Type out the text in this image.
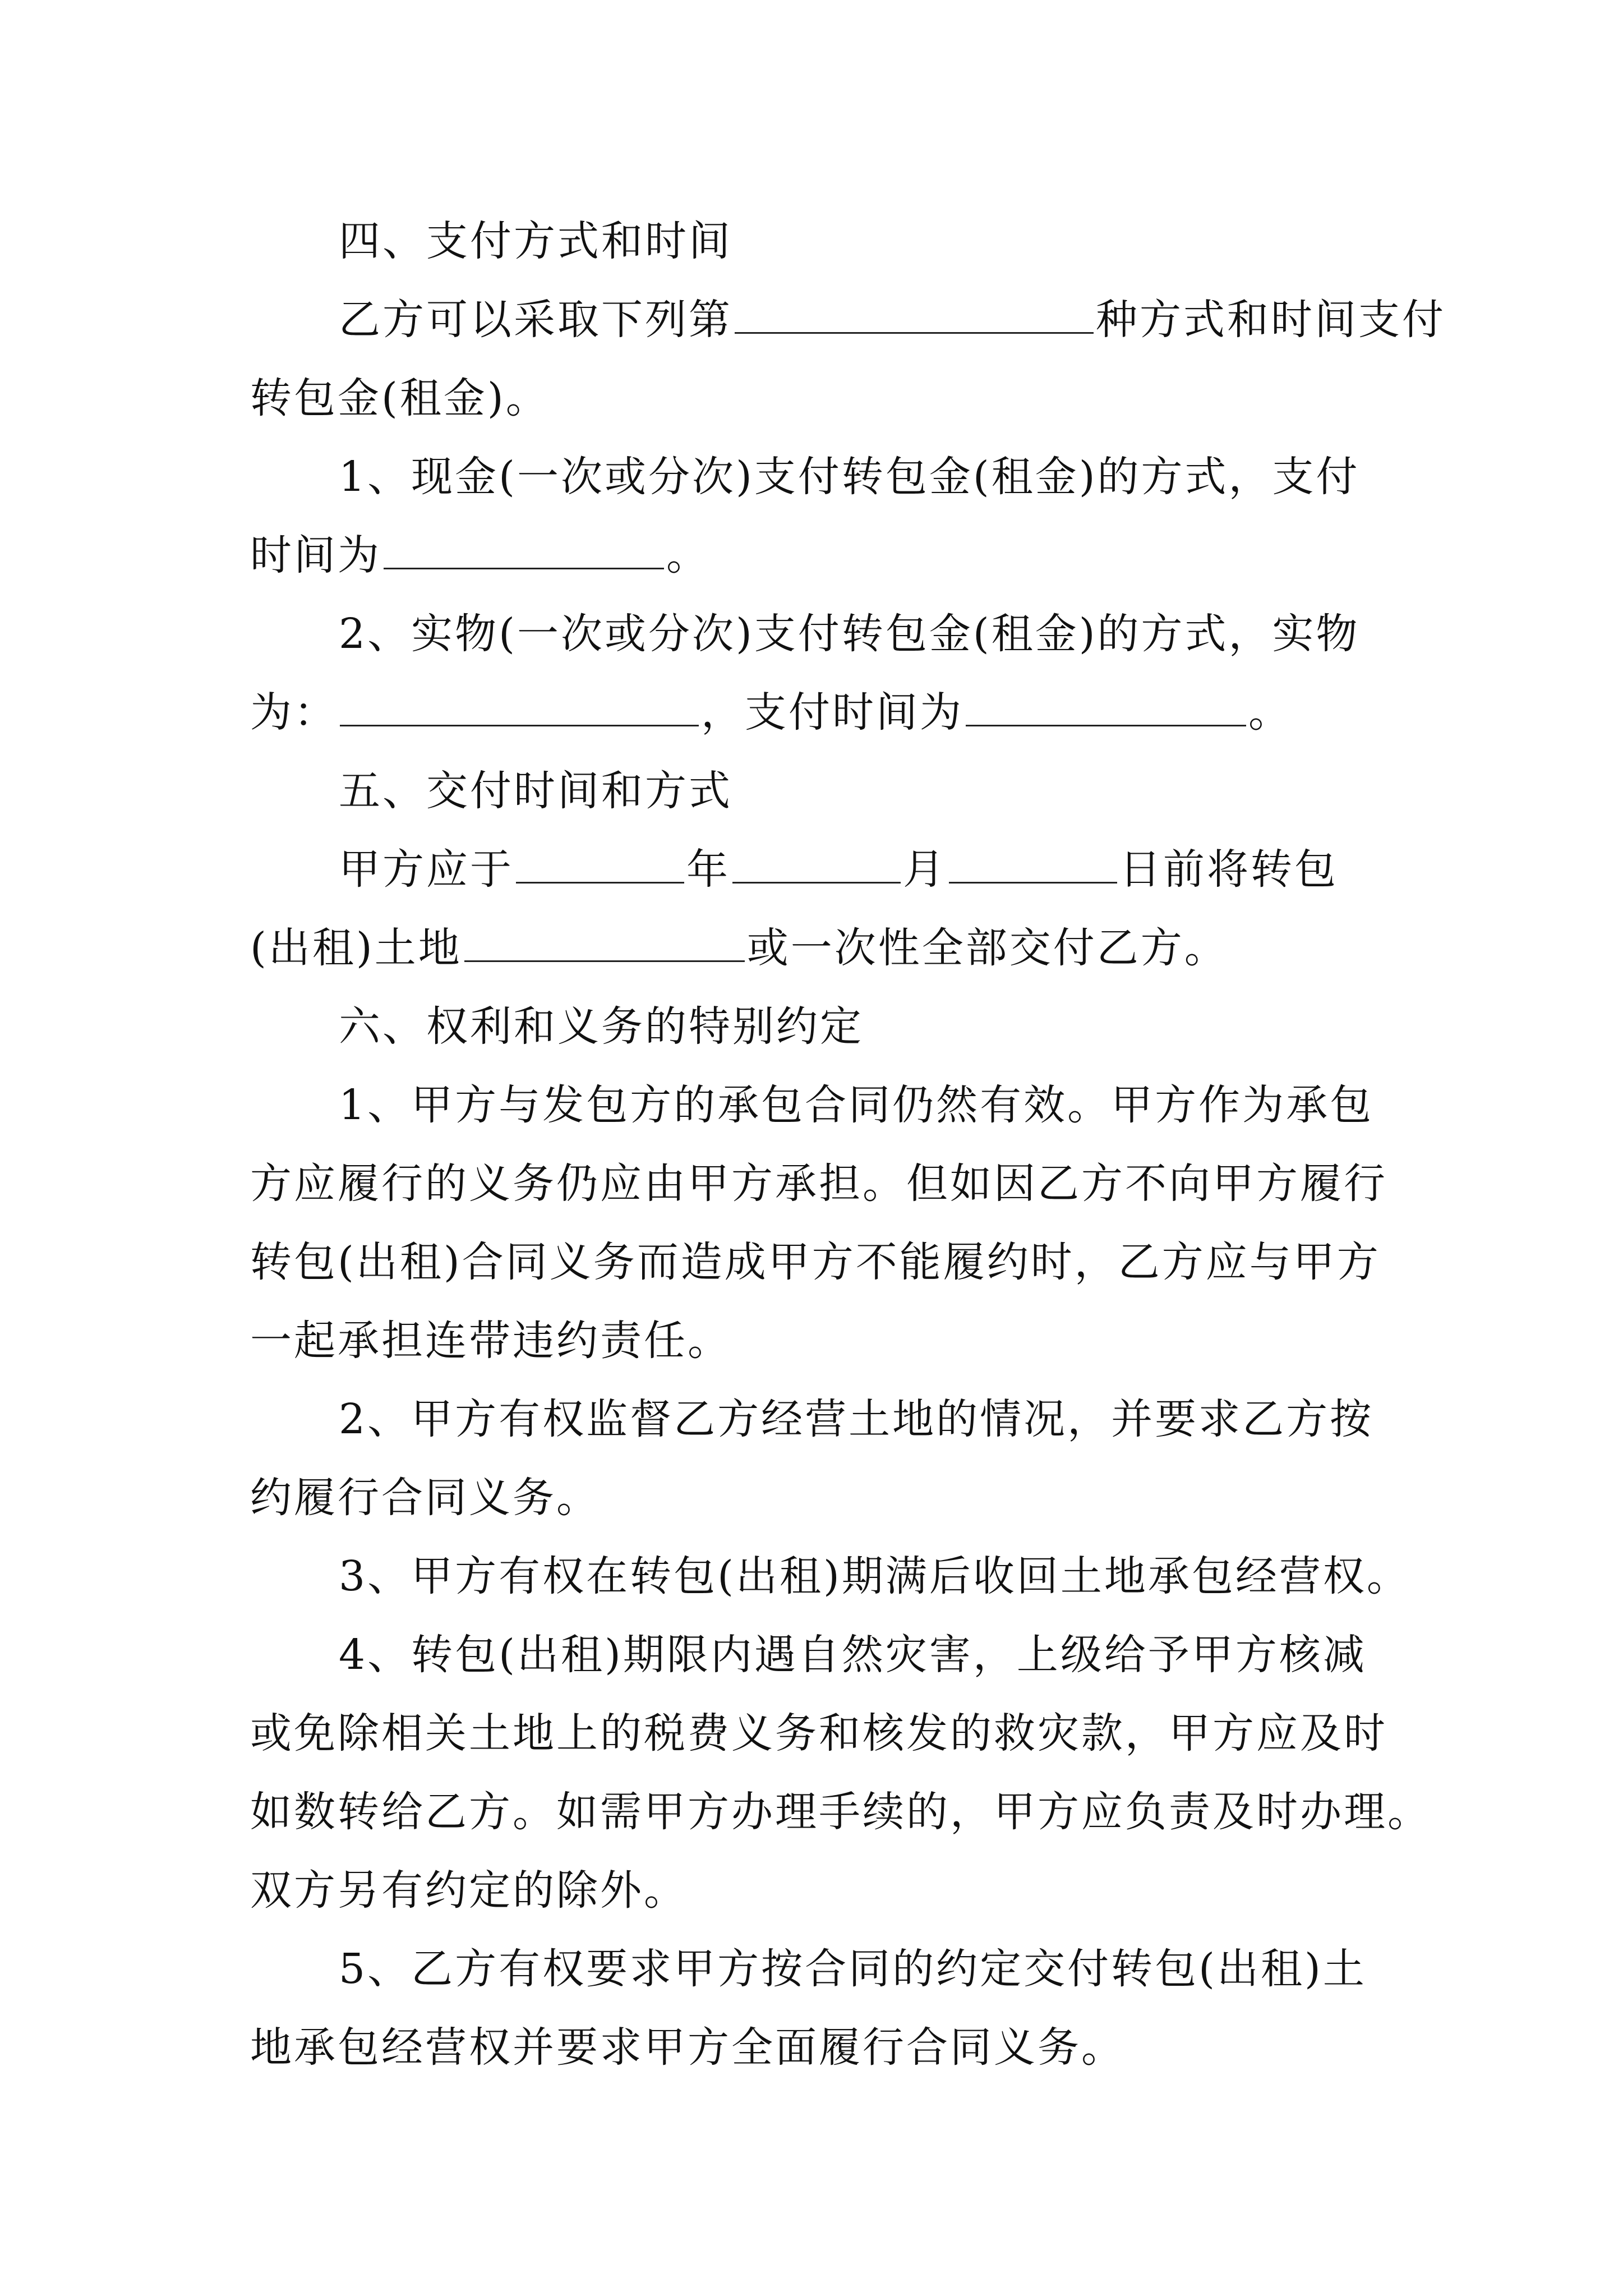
四、支付方式和时间
乙方可以采取下列第	种方式和时间支付
转包金(租金)。
1、现金(一次或分次)支付转包金(租金)的方式，支付
时间为	。
2、实物(一次或分次)支付转包金(租金)的方式，实物
为：	，支付时间为	。
五、交付时间和方式
甲方应于	年	月	日前将转包
(出租)土地	或一次性全部交付乙方。
六、权利和义务的特别约定
1、甲方与发包方的承包合同仍然有效。甲方作为承包
方应履行的义务仍应由甲方承担。但如因乙方不向甲方履行
转包(出租)合同义务而造成甲方不能履约时，乙方应与甲方
一起承担连带违约责任。
2、甲方有权监督乙方经营土地的情况，并要求乙方按
约履行合同义务。
3、甲方有权在转包(出租)期满后收回土地承包经营权。
4、转包(出租)期限内遇自然灾害，上级给予甲方核减
或免除相关土地上的税费义务和核发的救灾款，甲方应及时
如数转给乙方。如需甲方办理手续的，甲方应负责及时办理。
双方另有约定的除外。
5、乙方有权要求甲方按合同的约定交付转包(出租)土
地承包经营权并要求甲方全面履行合同义务。
